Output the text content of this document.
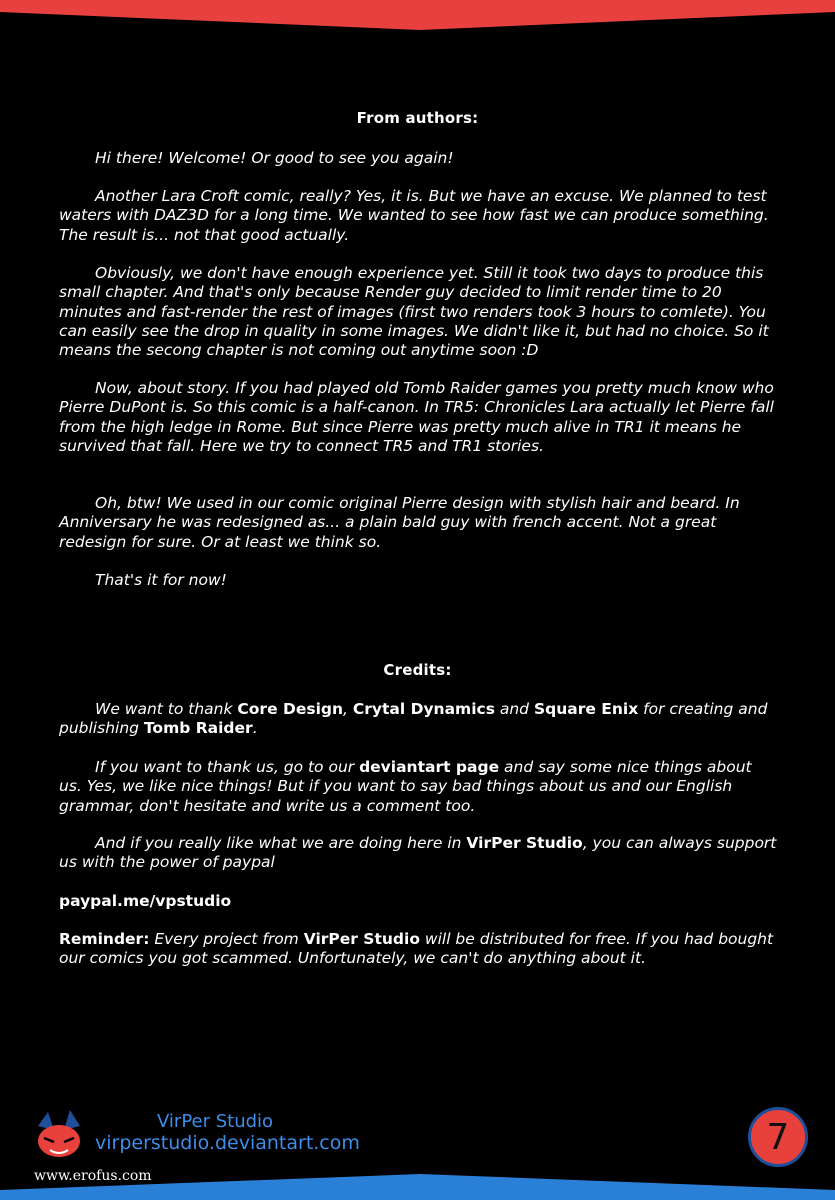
From authors:
Hi there! Welcome! Or good to see you again!
Another Lara Croft comic, really? Yes, it is. But we have an excuse. We planned to test waters with DAZ3D for a long time. We wanted to see how fast we can produce something. The result is... not that good actually.
Obviously, we don't have enough experience yet. Still it took two days to produce this small chapter. And that's only because Render guy decided to limit render time to 20 minutes and fast-render the rest of images (first two renders took 3 hours to comlete). You can easily see the drop in quality in some images. We didn't like it, but had no choice. So it means the secong chapter is not coming out anytime soon :D
Now, about story. If you had played old Tomb Raider games you pretty much know who Pierre DuPont is. So this comic is a half-canon. In TR5: Chronicles Lara actually let Pierre fall from the high ledge in Rome. But since Pierre was pretty much alive in TR1 it means he survived that fall. Here we try to connect TR5 and TR1 stories.
Oh, btw! We used in our comic original Pierre design with stylish hair and beard. In Anniversary he was redesigned as... a plain bald guy with french accent. Not a great redesign for sure. Or at least we think so.
That's it for now!
Credits:
We want to thank Core Design, Crytal Dynamics and Square Enix for creating and publishing Tomb Raider.
If you want to thank us, go to our deviantart page and say some nice things about us. Yes, we like nice things! But if you want to say bad things about us and our English grammar, don't hesitate and write us a comment too.
And if you really like what we are doing here in VirPer Studio, you can always support us with the power of paypal
paypal.me/vpstudio
Reminder: Every project from VirPer Studio will be distributed for free. If you had bought our comics you got scammed. Unfortunately, we can't do anything about it.
VirPer Studio
virperstudio.deviantart.com	7
www.erofus.com
